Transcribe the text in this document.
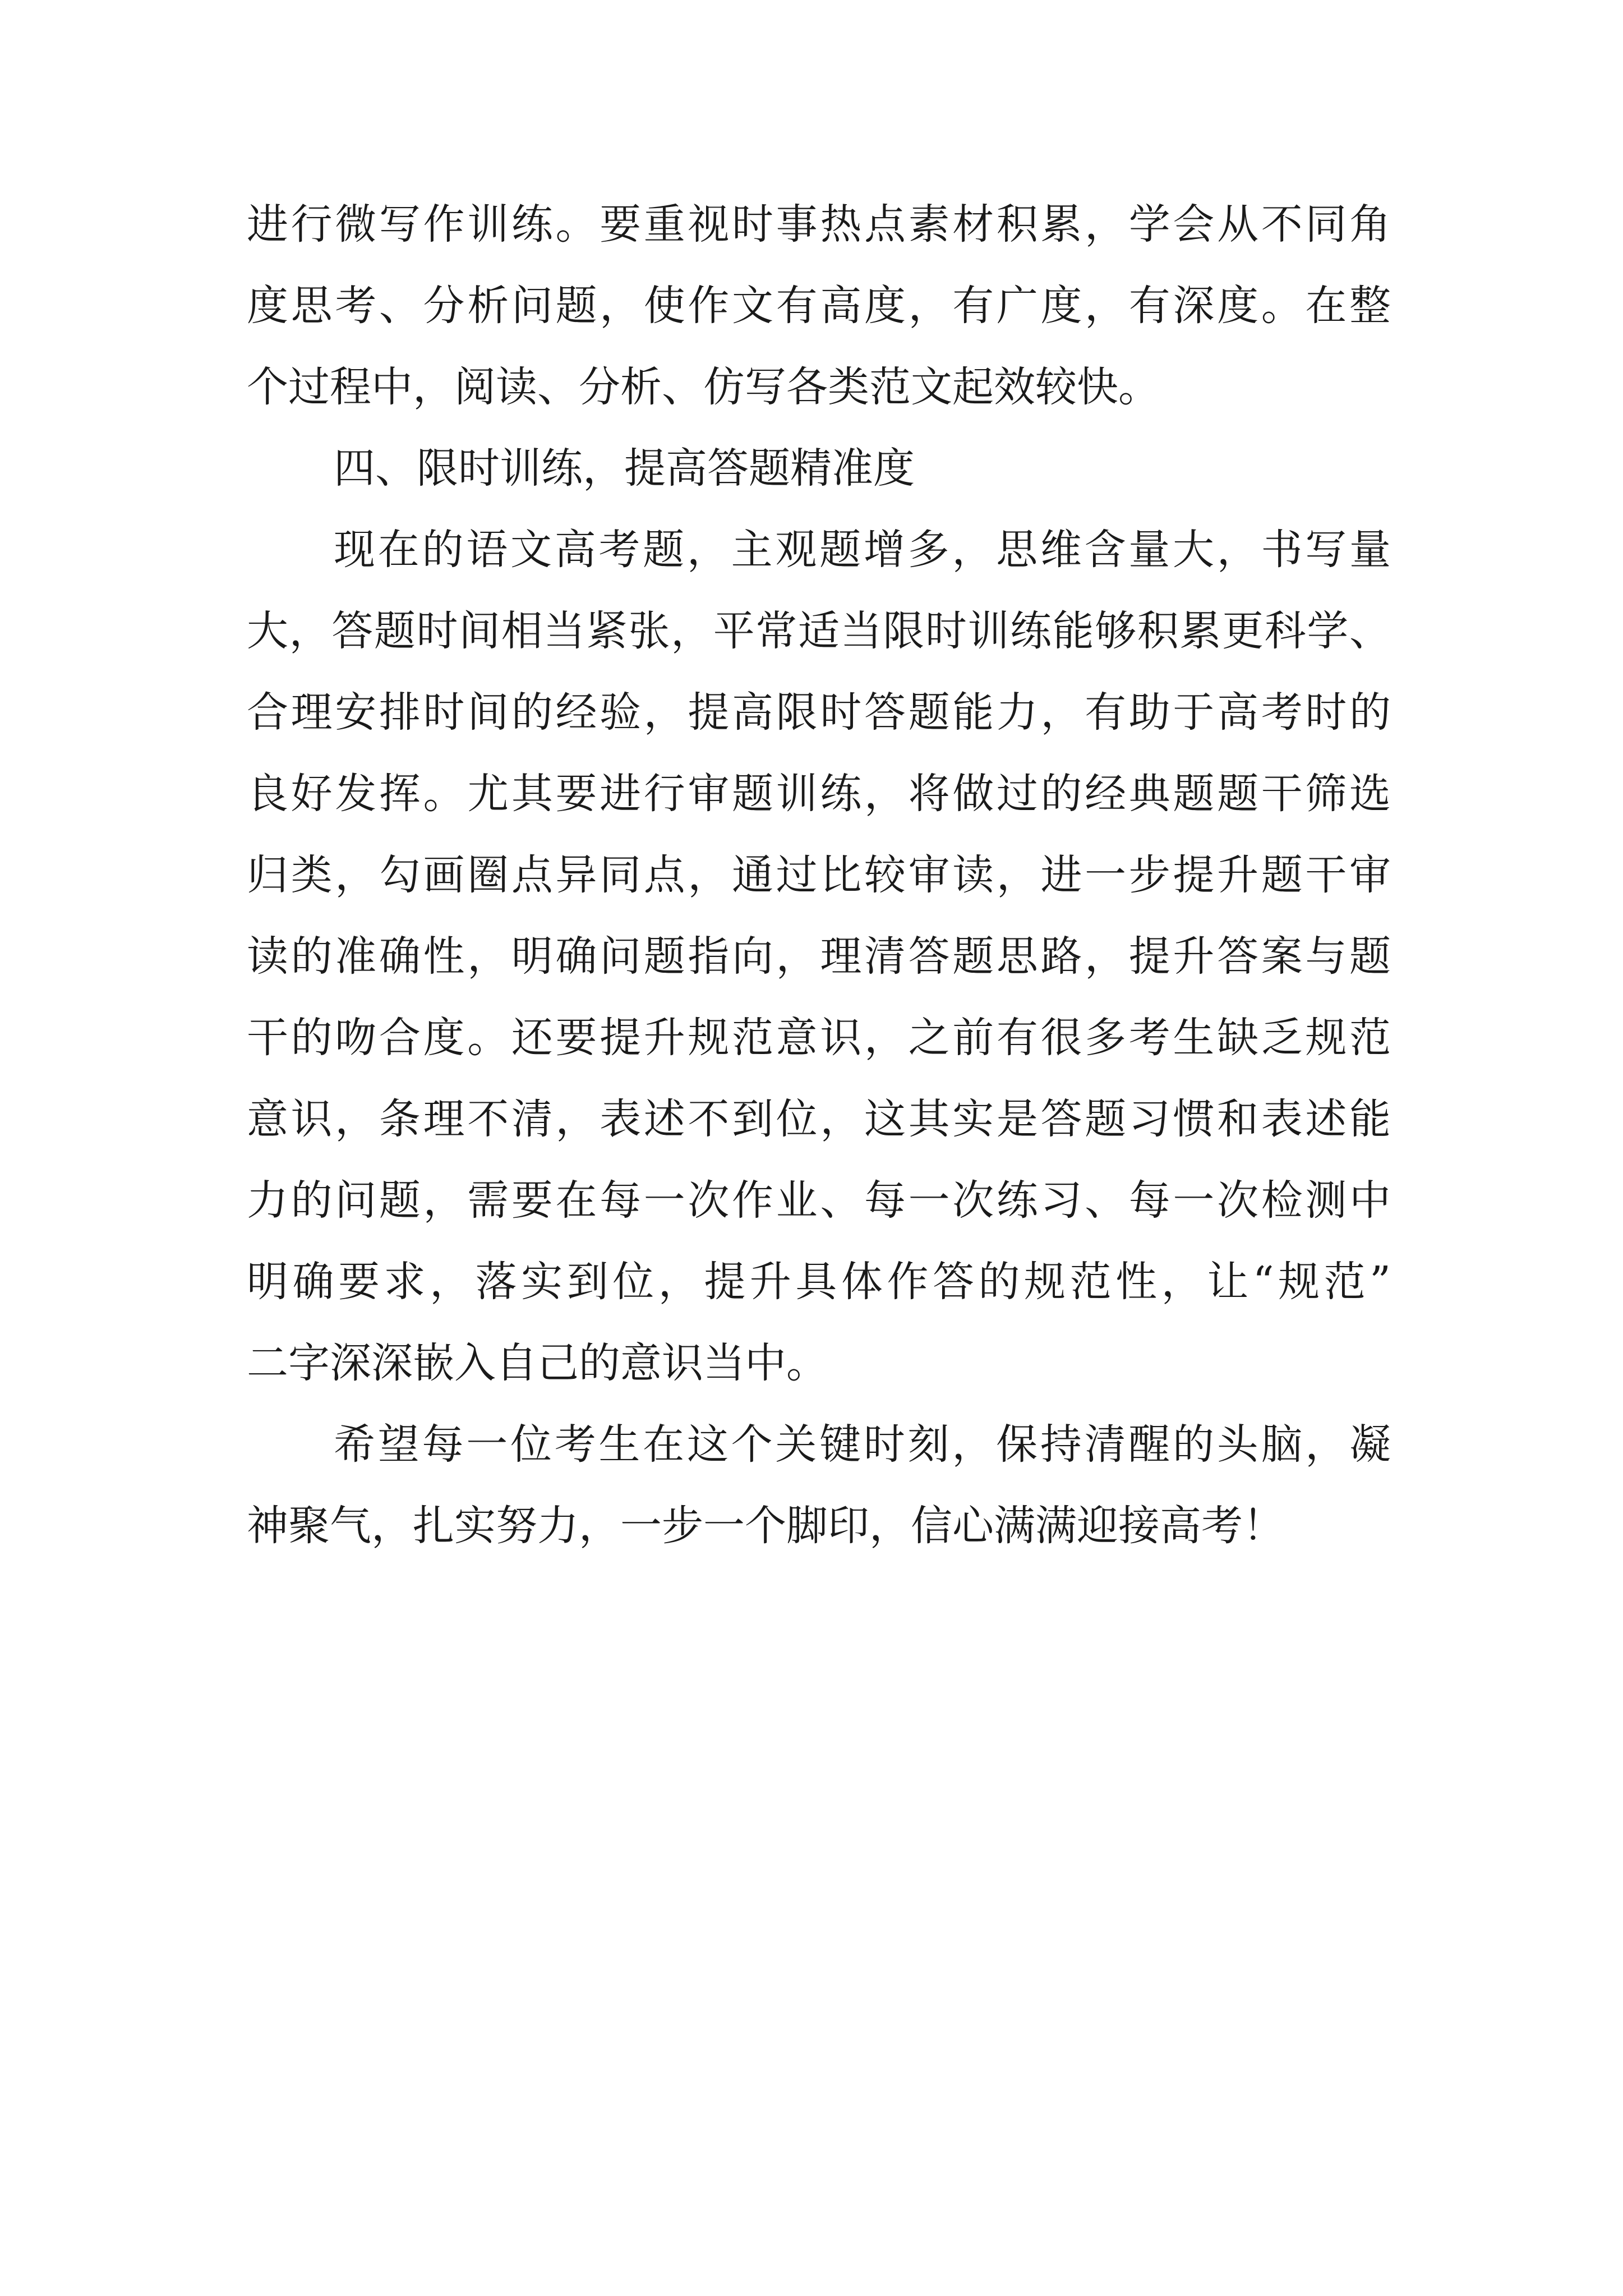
进行微写作训练。要重视时事热点素材积累，学会从不同角
度思考、分析问题，使作文有高度，有广度，有深度。在整
个过程中，阅读、分析、仿写各类范文起效较快。
四、限时训练，提高答题精准度
现在的语文高考题，主观题增多，思维含量大，书写量
大，答题时间相当紧张，平常适当限时训练能够积累更科学、
合理安排时间的经验，提高限时答题能力，有助于高考时的
良好发挥。尤其要进行审题训练，将做过的经典题题干筛选
归类，勾画圈点异同点，通过比较审读，进一步提升题干审
读的准确性，明确问题指向，理清答题思路，提升答案与题
干的吻合度。还要提升规范意识，之前有很多考生缺乏规范
意识，条理不清，表述不到位，这其实是答题习惯和表述能
力的问题，需要在每一次作业、每一次练习、每一次检测中
明确要求，落实到位，提升具体作答的规范性，让“规范”
二字深深嵌入自己的意识当中。
希望每一位考生在这个关键时刻，保持清醒的头脑，凝
神聚气，扎实努力，一步一个脚印，信心满满迎接高考！
